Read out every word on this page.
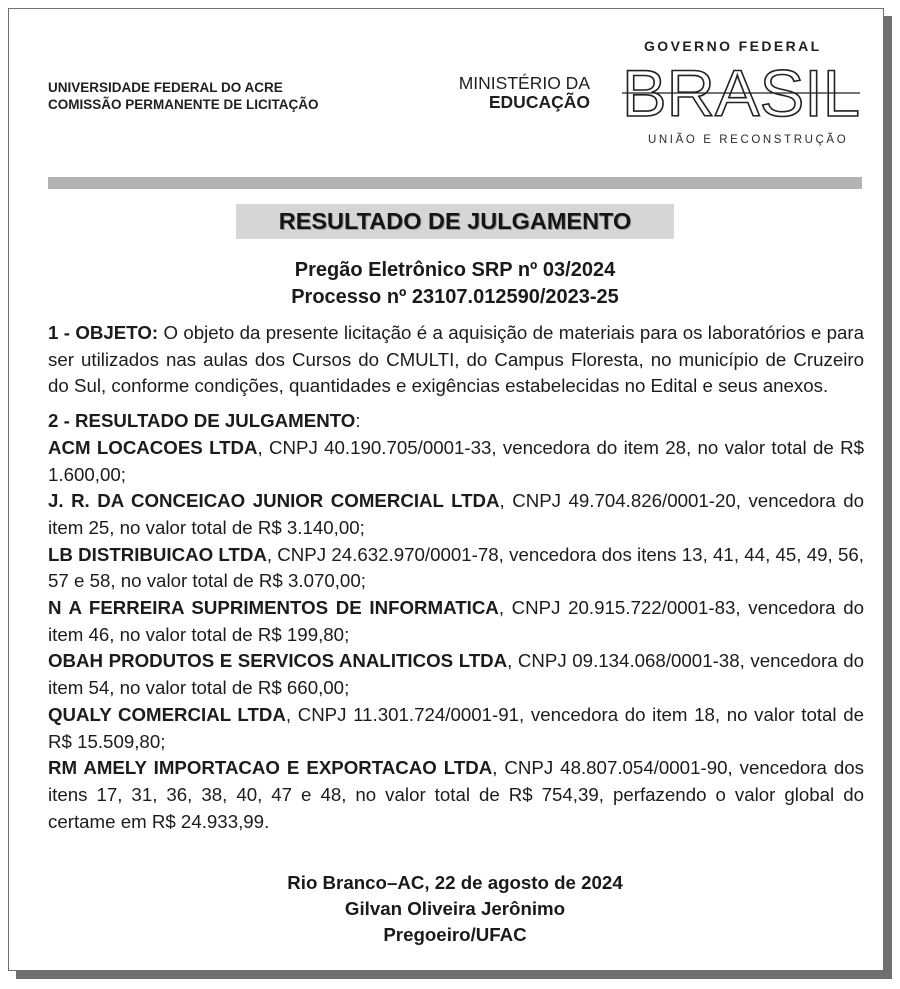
UNIVERSIDADE FEDERAL DO ACRE
COMISSÃO PERMANENTE DE LICITAÇÃO
MINISTÉRIO DA
EDUCAÇÃO
GOVERNO FEDERAL
BRASIL
UNIÃO E RECONSTRUÇÃO
RESULTADO DE JULGAMENTO
Pregão Eletrônico SRP nº 03/2024
Processo nº 23107.012590/2023-25

1 - OBJETO: O objeto da presente licitação é a aquisição de materiais para os laboratórios e para ser utilizados nas aulas dos Cursos do CMULTI, do Campus Floresta, no município de Cruzeiro do Sul, conforme condições, quantidades e exigências estabelecidas no Edital e seus anexos.

2 - RESULTADO DE JULGAMENTO:

ACM LOCACOES LTDA, CNPJ 40.190.705/0001-33, vencedora do item 28, no valor total de R$ 1.600,00;

J. R. DA CONCEICAO JUNIOR COMERCIAL LTDA, CNPJ 49.704.826/0001-20, vencedora do item 25, no valor total de R$ 3.140,00;

LB DISTRIBUICAO LTDA, CNPJ 24.632.970/0001-78, vencedora dos itens 13, 41, 44, 45, 49, 56, 57 e 58, no valor total de R$ 3.070,00;

N A FERREIRA SUPRIMENTOS DE INFORMATICA, CNPJ 20.915.722/0001-83, vencedora do item 46, no valor total de R$ 199,80;

OBAH PRODUTOS E SERVICOS ANALITICOS LTDA, CNPJ 09.134.068/0001-38, vencedora do item 54, no valor total de R$ 660,00;

QUALY COMERCIAL LTDA, CNPJ 11.301.724/0001-91, vencedora do item 18, no valor total de R$ 15.509,80;

RM AMELY IMPORTACAO E EXPORTACAO LTDA, CNPJ 48.807.054/0001-90, vencedora dos itens 17, 31, 36, 38, 40, 47 e 48, no valor total de R$ 754,39, perfazendo o valor global do certame em R$ 24.933,99.

Rio Branco–AC, 22 de agosto de 2024
Gilvan Oliveira Jerônimo
Pregoeiro/UFAC
